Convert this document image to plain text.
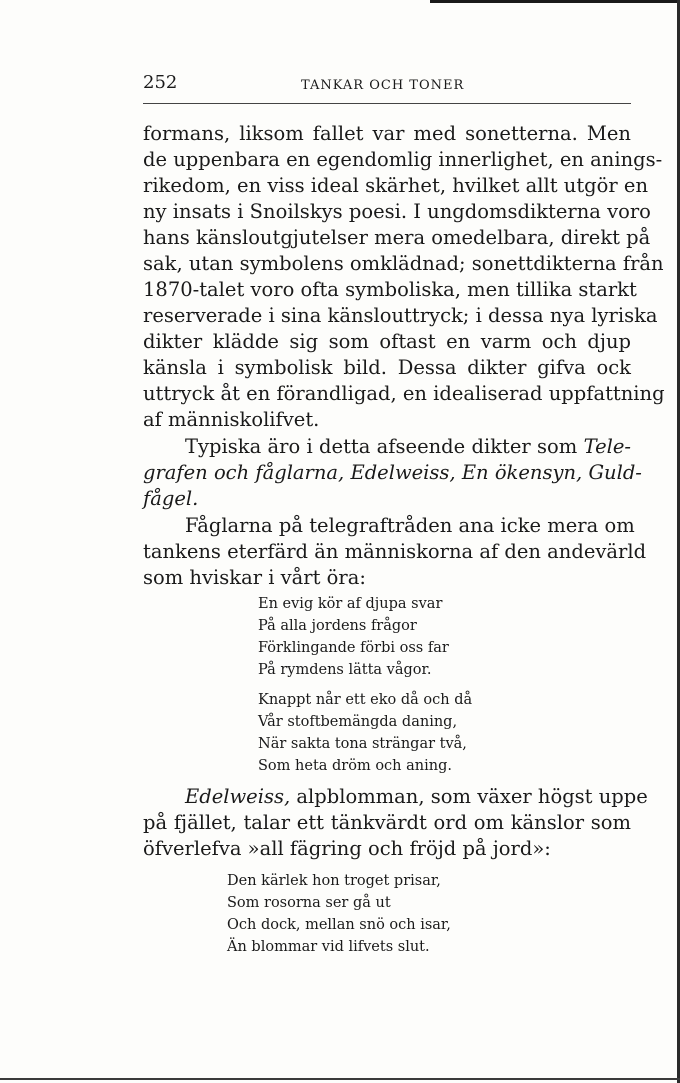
252	TANKAR OCH TONER
formans, liksom fallet var med sonetterna. Men
de uppenbara en egendomlig innerlighet, en anings-
rikedom, en viss ideal skärhet, hvilket allt utgör en
ny insats i Snoilskys poesi. I ungdomsdikterna voro
hans känsloutgjutelser mera omedelbara, direkt på
sak, utan symbolens omklädnad; sonettdikterna från
1870-talet voro ofta symboliska, men tillika starkt
reserverade i sina känslouttryck; i dessa nya lyriska
dikter klädde sig som oftast en varm och djup
känsla i symbolisk bild. Dessa dikter gifva ock
uttryck åt en förandligad, en idealiserad uppfattning
af människolifvet.
Typiska äro i detta afseende dikter som Tele-
grafen och fåglarna, Edelweiss, En ökensyn, Guld-
fågel.
Fåglarna på telegraftråden ana icke mera om
tankens eterfärd än människorna af den andevärld
som hviskar i vårt öra:
En evig kör af djupa svar
På alla jordens frågor
Förklingande förbi oss far
På rymdens lätta vågor.
Knappt når ett eko då och då
Vår stoftbemängda daning,
När sakta tona strängar två,
Som heta dröm och aning.
Edelweiss, alpblomman, som växer högst uppe
på fjället, talar ett tänkvärdt ord om känslor som
öfverlefva »all fägring och fröjd på jord»:
Den kärlek hon troget prisar,
Som rosorna ser gå ut
Och dock, mellan snö och isar,
Än blommar vid lifvets slut.
